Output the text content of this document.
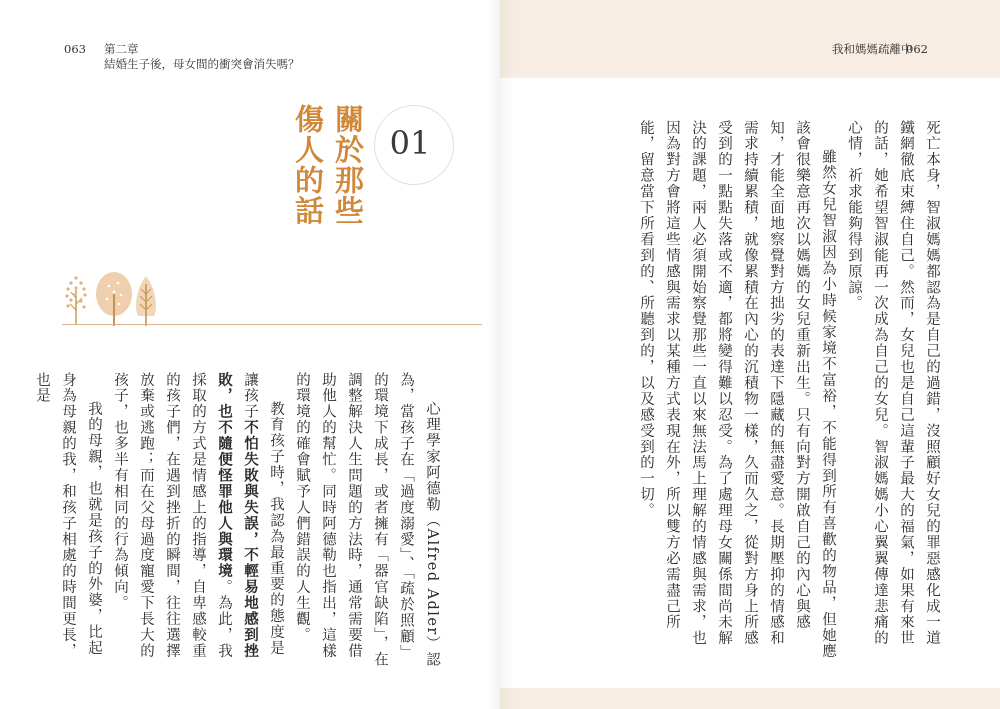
063 第二章
結婚生子後，母女間的衝突會消失嗎？
01
關於那些
傷人的話

心理學家阿德勒（Alfred Adler）認為，當孩子在「過度溺愛」、「疏於照顧」的環境下成長，或者擁有「器官缺陷」，在調整解決人生問題的方法時，通常需要借助他人的幫忙。同時阿德勒也指出，這樣的環境的確會賦予人們錯誤的人生觀。

教育孩子時，我認為最重要的態度是讓孩子不怕失敗與失誤，不輕易地感到挫敗，也不隨便怪罪他人與環境。為此，我採取的方式是情感上的指導，自卑感較重的孩子們，在遇到挫折的瞬間，往往選擇放棄或逃跑；而在父母過度寵愛下長大的孩子，也多半有相同的行為傾向。

我的母親，也就是孩子的外婆，比起身為母親的我，和孩子相處的時間更長，也是

我和媽媽疏離中
062

死亡本身，智淑媽媽都認為是自己的過錯，沒照顧好女兒的罪惡感化成一道鐵網徹底束縛住自己。然而，女兒也是自己這輩子最大的福氣，如果有來世的話，她希望智淑能再一次成為自己的女兒。智淑媽媽小心翼翼傳達悲痛的心情，祈求能夠得到原諒。

雖然女兒智淑因為小時候家境不富裕，不能得到所有喜歡的物品，但她應該會很樂意再次以媽媽的女兒重新出生。只有向對方開啟自己的內心與感知，才能全面地察覺對方拙劣的表達下隱藏的無盡愛意。長期壓抑的情感和需求持續累積，就像累積在內心的沉積物一樣，久而久之，從對方身上所感受到的一點點失落或不適，都將變得難以忍受。為了處理母女關係間尚未解決的課題，兩人必須開始察覺那些一直以來無法馬上理解的情感與需求，也因為對方會將這些情感與需求以某種方式表現在外，所以雙方必需盡己所能，留意當下所看到的、所聽到的，以及感受到的一切。
